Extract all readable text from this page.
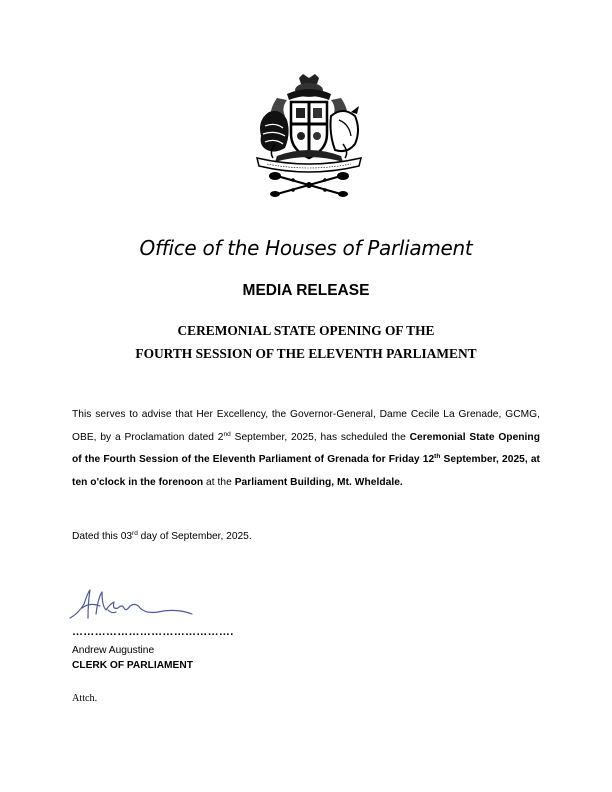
Office of the Houses of Parliament
MEDIA RELEASE
CEREMONIAL STATE OPENING OF THE
FOURTH SESSION OF THE ELEVENTH PARLIAMENT
This serves to advise that Her Excellency, the Governor-General, Dame Cecile La Grenade, GCMG, OBE, by a Proclamation dated 2nd September, 2025, has scheduled the Ceremonial State Opening of the Fourth Session of the Eleventh Parliament of Grenada for Friday 12th September, 2025, at ten o'clock in the forenoon at the Parliament Building, Mt. Wheldale.
Dated this 03rd day of September, 2025.
…………………………………….
Andrew Augustine
CLERK OF PARLIAMENT
Attch.
